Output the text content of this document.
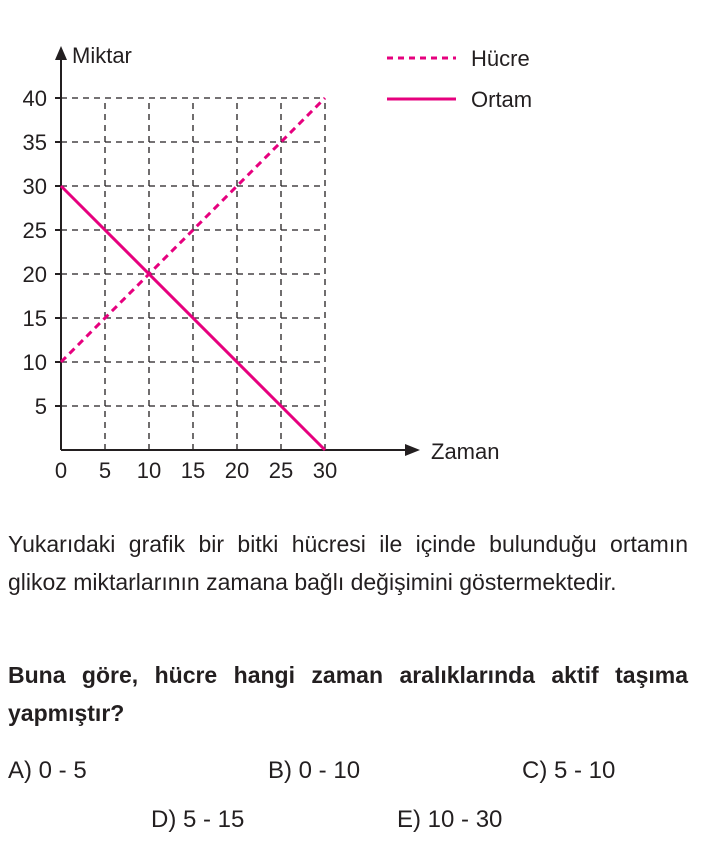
Miktar
Zaman
5
10
15
20
25
30
35
40
0 5 10 15 20 25 30
Hücre
Ortam
Yukarıdaki grafik bir bitki hücresi ile içinde bulunduğu ortamın glikoz miktarlarının zamana bağlı değişimini göstermektedir.
Buna göre, hücre hangi zaman aralıklarında aktif taşıma yapmıştır?
A) 0 - 5	B) 0 - 10	C) 5 - 10
D) 5 - 15	E) 10 - 30
